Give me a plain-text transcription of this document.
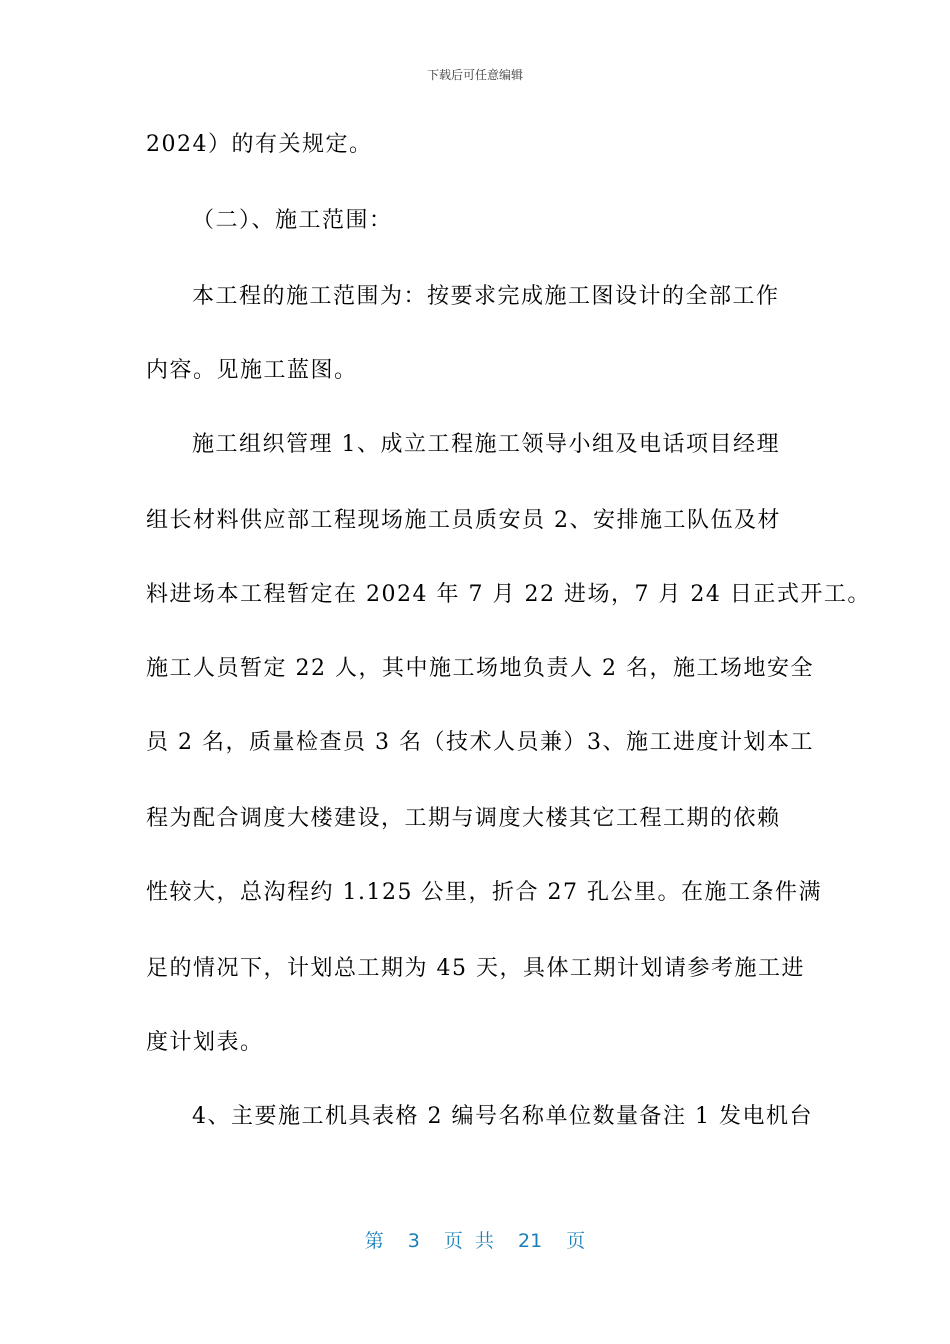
下载后可任意编辑
2024）的有关规定。
（二）、施工范围：
本工程的施工范围为：按要求完成施工图设计的全部工作
内容。见施工蓝图。
施工组织管理 1、成立工程施工领导小组及电话项目经理
组长材料供应部工程现场施工员质安员 2、安排施工队伍及材
料进场本工程暂定在 2024 年 7 月 22 进场，7 月 24 日正式开工。
施工人员暂定 22 人，其中施工场地负责人 2 名，施工场地安全
员 2 名，质量检查员 3 名（技术人员兼）3、施工进度计划本工
程为配合调度大楼建设，工期与调度大楼其它工程工期的依赖
性较大，总沟程约 1.125 公里，折合 27 孔公里。在施工条件满
足的情况下，计划总工期为 45 天，具体工期计划请参考施工进
度计划表。
4、主要施工机具表格 2 编号名称单位数量备注 1 发电机台
第 3 页 共 21 页
